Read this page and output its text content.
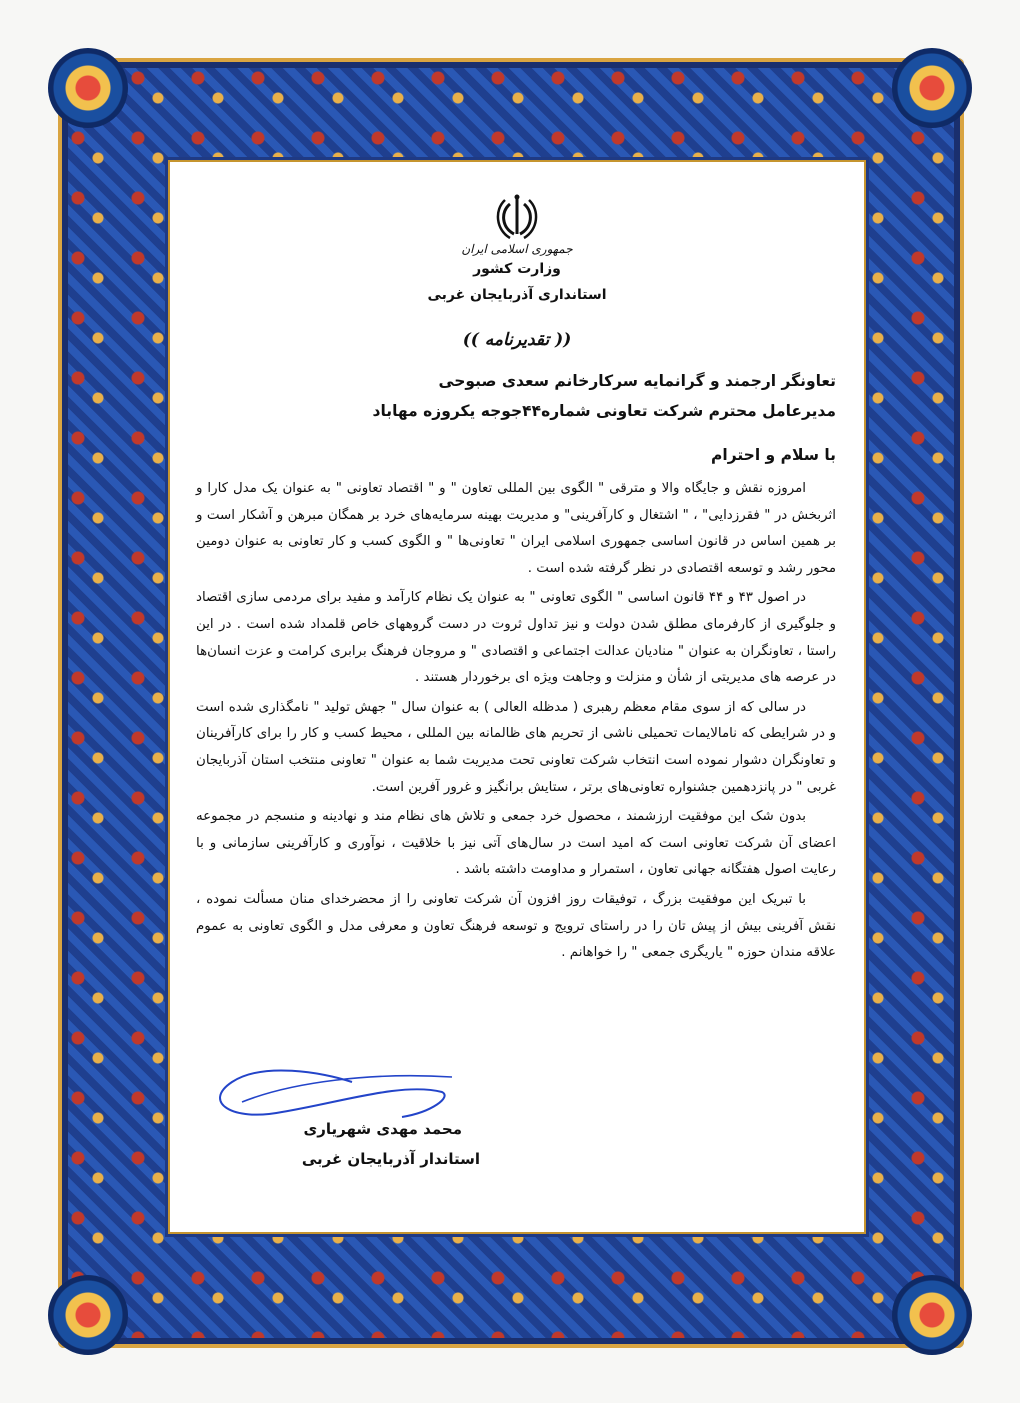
جمهوری اسلامی ایران
وزارت کشور
استانداری آذربایجان غربی
(( تقدیرنامه ))
تعاونگر ارجمند و گرانمایه سرکارخانم سعدی صبوحی
مدیرعامل محترم شرکت تعاونی شماره۴۴جوجه یکروزه مهاباد
با سلام و احترام

امروزه نقش و جایگاه والا و مترقی " الگوی بین المللی تعاون " و " اقتصاد تعاونی " به عنوان یک مدل کارا و اثربخش در " فقرزدایی" ، " اشتغال و کارآفرینی" و مدیریت بهینه سرمایه‌های خرد بر همگان مبرهن و آشکار است و بر همین اساس در قانون اساسی جمهوری اسلامی ایران " تعاونی‌ها " و الگوی کسب و کار تعاونی به عنوان دومین محور رشد و توسعه اقتصادی در نظر گرفته شده است .

در اصول ۴۳ و ۴۴ قانون اساسی " الگوی تعاونی " به عنوان یک نظام کارآمد و مفید برای مردمی سازی اقتصاد و جلوگیری از کارفرمای مطلق شدن دولت و نیز تداول ثروت در دست گروههای خاص قلمداد شده است . در این راستا ، تعاونگران به عنوان " منادیان عدالت اجتماعی و اقتصادی " و مروجان فرهنگ برابری کرامت و عزت انسان‌ها در عرصه های مدیریتی از شأن و منزلت و وجاهت ویژه ای برخوردار هستند .

در سالی که از سوی مقام معظم رهبری ( مدظله العالی ) به عنوان سال " جهش تولید " نامگذاری شده است و در شرایطی که نامالایمات تحمیلی ناشی از تحریم های ظالمانه بین المللی ، محیط کسب و کار را برای کارآفرینان و تعاونگران دشوار نموده است انتخاب شرکت تعاونی تحت مدیریت شما به عنوان " تعاونی منتخب استان آذربایجان غربی " در پانزدهمین جشنواره تعاونی‌های برتر ، ستایش برانگیز و غرور آفرین است.

بدون شک این موفقیت ارزشمند ، محصول خرد جمعی و تلاش های نظام مند و نهادینه و منسجم در مجموعه اعضای آن شرکت تعاونی است که امید است در سال‌های آتی نیز با خلاقیت ، نوآوری و کارآفرینی سازمانی و با رعایت اصول هفتگانه جهانی تعاون ، استمرار و مداومت داشته باشد .

با تبریک این موفقیت بزرگ ، توفیقات روز افزون آن شرکت تعاونی را از محضرخدای منان مسألت نموده ، نقش آفرینی بیش از پیش تان را در راستای ترویج و توسعه فرهنگ تعاون و معرفی مدل و الگوی تعاونی به عموم علاقه مندان حوزه " یاریگری جمعی " را خواهانم .

محمد مهدی شهریاری
استاندار آذربایجان غربی
